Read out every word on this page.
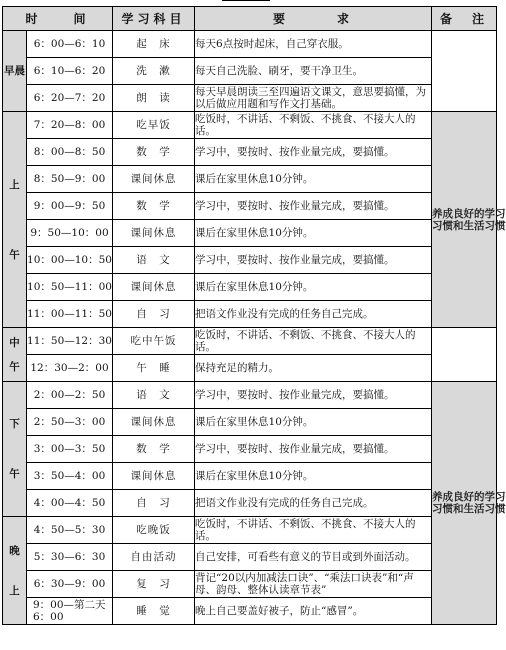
时　　间		学习科目	要　　　求	备　注
早晨	6：00—6：10	起　床	每天6点按时起床，自己穿衣服。	

	6：10—6：20	洗　漱	每天自己洗脸、刷牙，要干净卫生。	

	6：20—7：20	朗　读	每天早晨朗读三至四遍语文课文，意思要搞懂，为以后做应用题和写作文打基础。	

上午	7：20—8：00	吃早饭	吃饭时，不讲话、不剩饭、不挑食、不接大人的话。	养成良好的学习习惯和生活习惯

	8：00—8：50	数　学	学习中，要按时、按作业量完成，要搞懂。	

	8：50—9：00	课间休息	课后在家里休息10分钟。	

	9：00—9：50	数　学	学习中，要按时、按作业量完成，要搞懂。	

	9：50—10：00	课间休息	课后在家里休息10分钟。	

	10：00—10：50	语　文	学习中，要按时、按作业量完成，要搞懂。	

	10：50—11：00	课间休息	课后在家里休息10分钟。	

	11：00—11：50	自　习	把语文作业没有完成的任务自己完成。	

中午	11：50—12：30	吃中午饭	吃饭时，不讲话、不剩饭、不挑食、不接大人的话。	

	12：30—2：00	午　睡	保持充足的精力。	

下午	2：00—2：50	语　文	学习中，要按时、按作业量完成，要搞懂。	养成良好的学习习惯和生活习惯

	2：50—3：00	课间休息	课后在家里休息10分钟。	

	3：00—3：50	数　学	学习中，要按时、按作业量完成，要搞懂。	

	3：50—4：00	课间休息	课后在家里休息10分钟。	

	4：00—4：50	自　习	把语文作业没有完成的任务自己完成。	

晚上	4：50—5：30	吃晚饭	吃饭时，不讲话、不剩饭、不挑食、不接大人的话。	

	5：30—6：30	自由活动	自己安排，可看些有意义的节目或到外面活动。	

	6：30—9：00	复　习	背记“20以内加减法口诀”、“乘法口诀表”和“声母、韵母、整体认读章节表”	

	9：00—第二天6：00	睡　觉	晚上自己要盖好被子，防止“感冒”。	
